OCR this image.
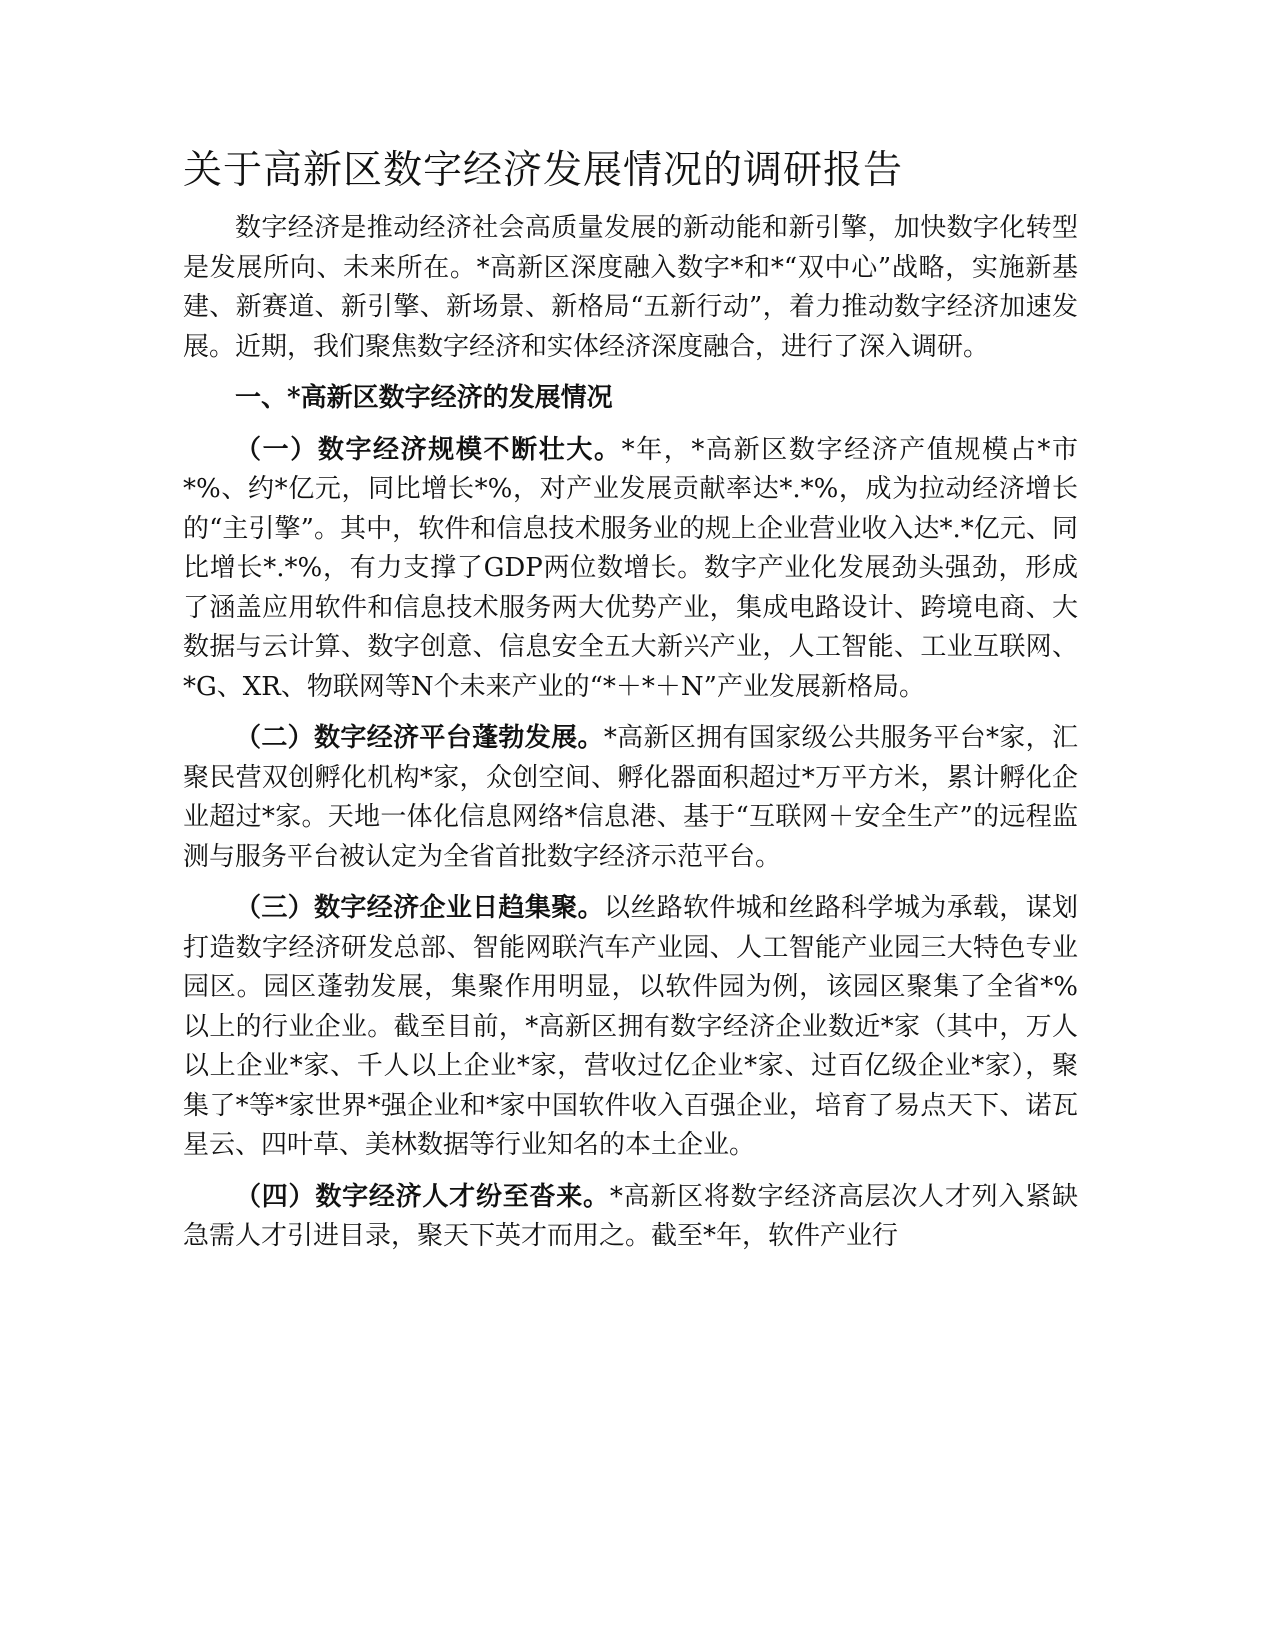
关于高新区数字经济发展情况的调研报告

数字经济是推动经济社会高质量发展的新动能和新引擎，加快数字化转型是发展所向、未来所在。*高新区深度融入数字*和*“双中心”战略，实施新基建、新赛道、新引擎、新场景、新格局“五新行动”，着力推动数字经济加速发展。近期，我们聚焦数字经济和实体经济深度融合，进行了深入调研。

一、*高新区数字经济的发展情况

（一）数字经济规模不断壮大。*年，*高新区数字经济产值规模占*市*%、约*亿元，同比增长*%，对产业发展贡献率达*.*%，成为拉动经济增长的“主引擎”。其中，软件和信息技术服务业的规上企业营业收入达*.*亿元、同比增长*.*%，有力支撑了GDP两位数增长。数字产业化发展劲头强劲，形成了涵盖应用软件和信息技术服务两大优势产业，集成电路设计、跨境电商、大数据与云计算、数字创意、信息安全五大新兴产业，人工智能、工业互联网、*G、XR、物联网等N个未来产业的“*＋*＋N”产业发展新格局。

（二）数字经济平台蓬勃发展。*高新区拥有国家级公共服务平台*家，汇聚民营双创孵化机构*家，众创空间、孵化器面积超过*万平方米，累计孵化企业超过*家。天地一体化信息网络*信息港、基于“互联网＋安全生产”的远程监测与服务平台被认定为全省首批数字经济示范平台。

（三）数字经济企业日趋集聚。以丝路软件城和丝路科学城为承载，谋划打造数字经济研发总部、智能网联汽车产业园、人工智能产业园三大特色专业园区。园区蓬勃发展，集聚作用明显，以软件园为例，该园区聚集了全省*%以上的行业企业。截至目前，*高新区拥有数字经济企业数近*家（其中，万人以上企业*家、千人以上企业*家，营收过亿企业*家、过百亿级企业*家），聚集了*等*家世界*强企业和*家中国软件收入百强企业，培育了易点天下、诺瓦星云、四叶草、美林数据等行业知名的本土企业。

（四）数字经济人才纷至沓来。*高新区将数字经济高层次人才列入紧缺急需人才引进目录，聚天下英才而用之。截至*年，软件产业行
